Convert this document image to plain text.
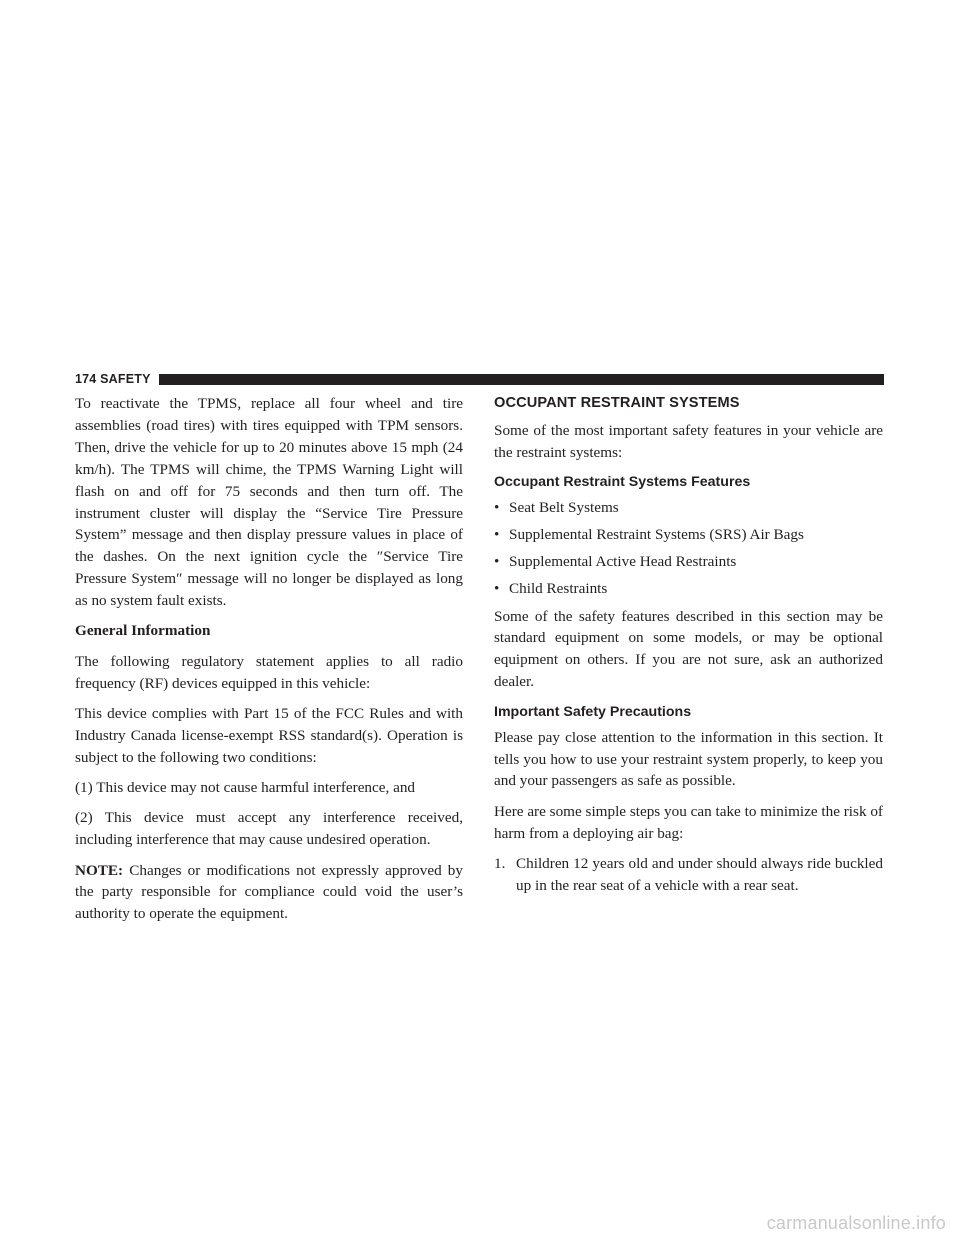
174 SAFETY

To reactivate the TPMS, replace all four wheel and tire assemblies (road tires) with tires equipped with TPM sensors. Then, drive the vehicle for up to 20 minutes above 15 mph (24 km/h). The TPMS will chime, the TPMS Warning Light will flash on and off for 75 seconds and then turn off. The instrument cluster will display the “Service Tire Pressure System” message and then display pressure values in place of the dashes. On the next ignition cycle the ″Service Tire Pressure System″ message will no longer be displayed as long as no system fault exists.

General Information

The following regulatory statement applies to all radio frequency (RF) devices equipped in this vehicle:

This device complies with Part 15 of the FCC Rules and with Industry Canada license-exempt RSS standard(s). Operation is subject to the following two conditions:

(1) This device may not cause harmful interference, and

(2) This device must accept any interference received, including interference that may cause undesired operation.

NOTE: Changes or modifications not expressly approved by the party responsible for compliance could void the user’s authority to operate the equipment.

OCCUPANT RESTRAINT SYSTEMS

Some of the most important safety features in your vehicle are the restraint systems:

Occupant Restraint Systems Features
• Seat Belt Systems
• Supplemental Restraint Systems (SRS) Air Bags
• Supplemental Active Head Restraints
• Child Restraints

Some of the safety features described in this section may be standard equipment on some models, or may be optional equipment on others. If you are not sure, ask an authorized dealer.

Important Safety Precautions

Please pay close attention to the information in this section. It tells you how to use your restraint system properly, to keep you and your passengers as safe as possible.

Here are some simple steps you can take to minimize the risk of harm from a deploying air bag:

1. Children 12 years old and under should always ride buckled up in the rear seat of a vehicle with a rear seat.
carmanualsonline.info
